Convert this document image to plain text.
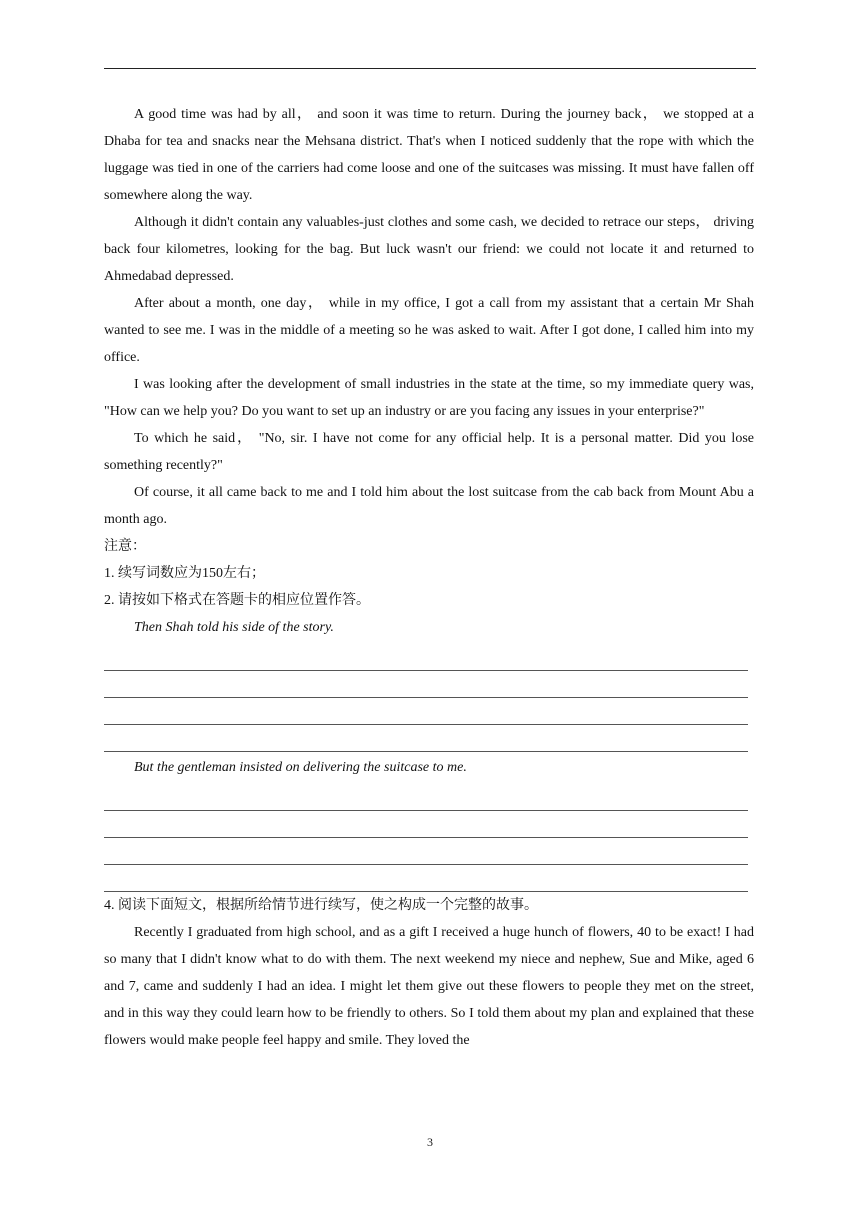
A good time was had by all， and soon it was time to return. During the journey back， we stopped at a Dhaba for tea and snacks near the Mehsana district. That's when I noticed suddenly that the rope with which the luggage was tied in one of the carriers had come loose and one of the suitcases was missing. It must have fallen off somewhere along the way.

Although it didn't contain any valuables-just clothes and some cash, we decided to retrace our steps， driving back four kilometres, looking for the bag. But luck wasn't our friend: we could not locate it and returned to Ahmedabad depressed.

After about a month, one day， while in my office, I got a call from my assistant that a certain Mr Shah wanted to see me. I was in the middle of a meeting so he was asked to wait. After I got done, I called him into my office.

I was looking after the development of small industries in the state at the time, so my immediate query was, "How can we help you? Do you want to set up an industry or are you facing any issues in your enterprise?"

To which he said， "No, sir. I have not come for any official help. It is a personal matter. Did you lose something recently?"

Of course, it all came back to me and I told him about the lost suitcase from the cab back from Mount Abu a month ago.

注意：

1. 续写词数应为150左右；

2. 请按如下格式在答题卡的相应位置作答。

Then Shah told his side of the story.

But the gentleman insisted on delivering the suitcase to me.

4. 阅读下面短文，根据所给情节进行续写，使之构成一个完整的故事。

Recently I graduated from high school, and as a gift I received a huge hunch of flowers, 40 to be exact! I had so many that I didn't know what to do with them. The next weekend my niece and nephew, Sue and Mike, aged 6 and 7, came and suddenly I had an idea. I might let them give out these flowers to people they met on the street, and in this way they could learn how to be friendly to others. So I told them about my plan and explained that these flowers would make people feel happy and smile. They loved the

3
